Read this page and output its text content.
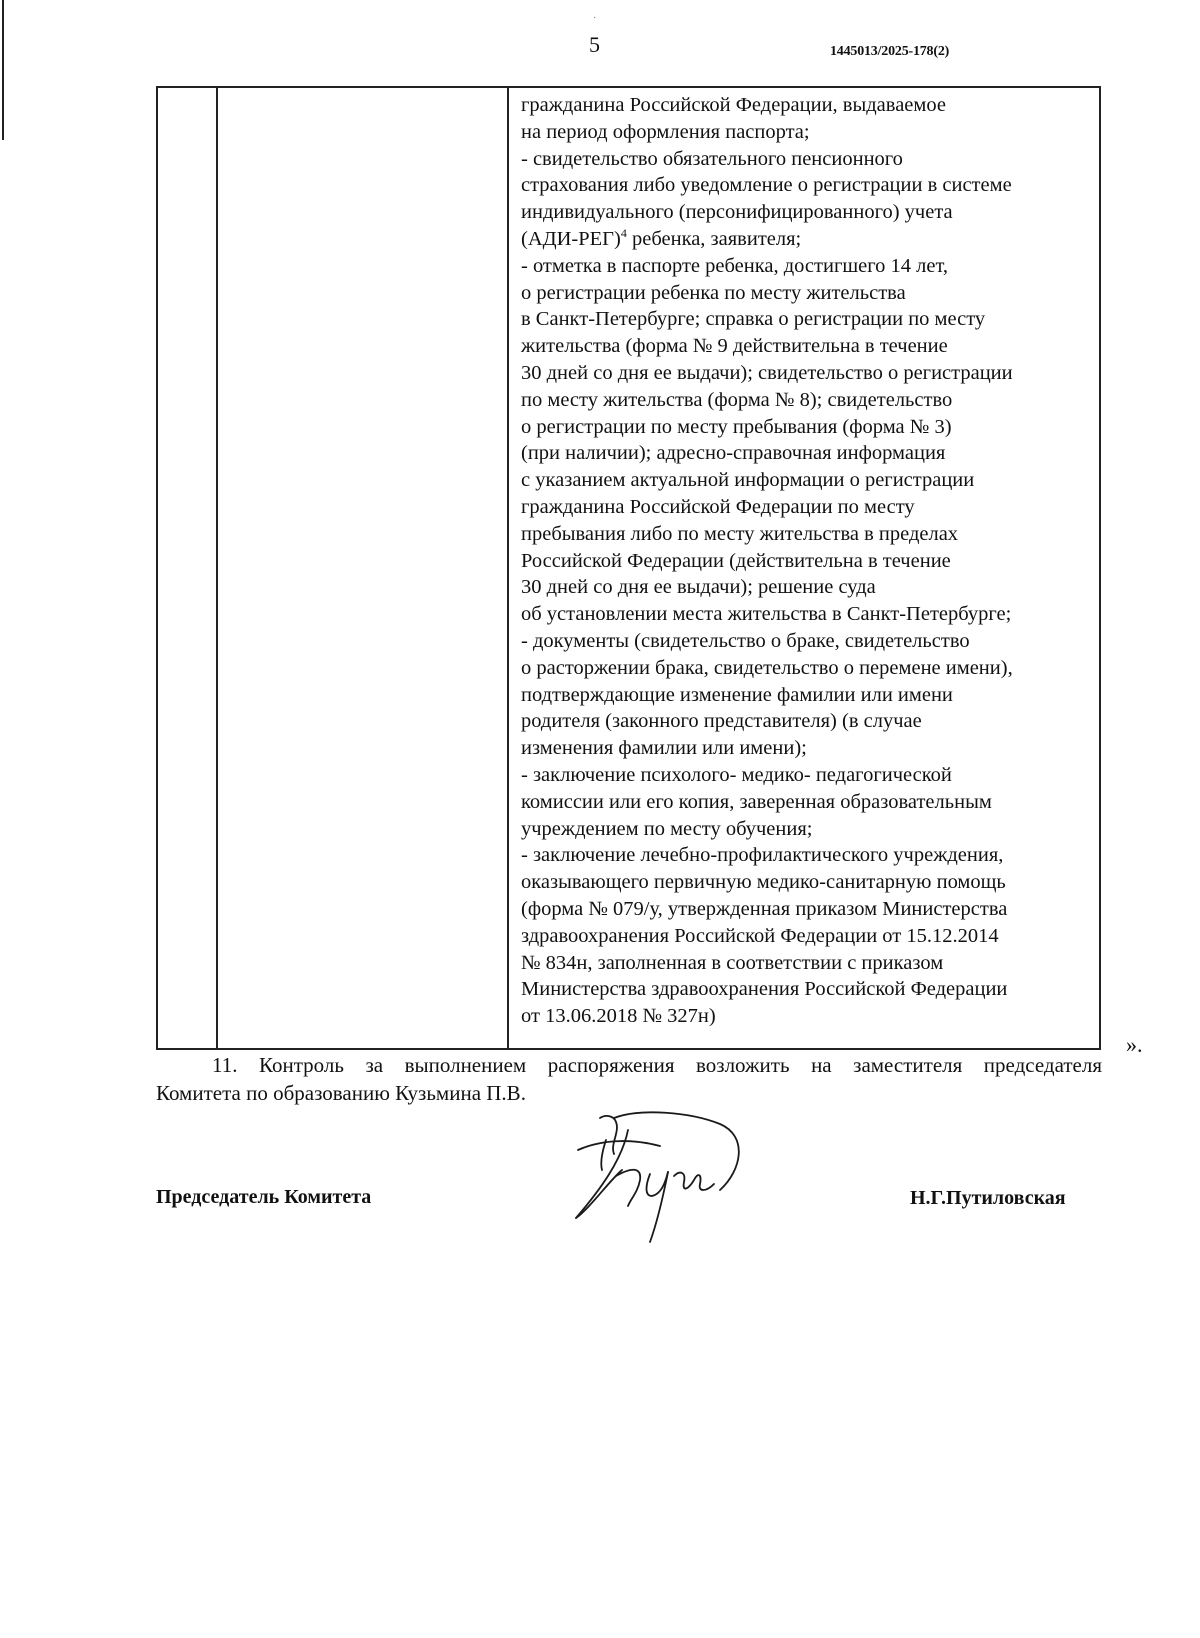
·
5	1445013/2025-178(2)
гражданина Российской Федерации, выдаваемое
на период оформления паспорта;
- свидетельство обязательного пенсионного
страхования либо уведомление о регистрации в системе
индивидуального (персонифицированного) учета
$(АДИ-РЕГ)^4$ ребенка, заявителя;
- отметка в паспорте ребенка, достигшего 14 лет,
о регистрации ребенка по месту жительства
в Санкт-Петербурге; справка о регистрации по месту
жительства (форма № 9 действительна в течение
30 дней со дня ее выдачи); свидетельство о регистрации
по месту жительства (форма № 8); свидетельство
о регистрации по месту пребывания (форма № 3)
(при наличии); адресно-справочная информация
с указанием актуальной информации о регистрации
гражданина Российской Федерации по месту
пребывания либо по месту жительства в пределах
Российской Федерации (действительна в течение
30 дней со дня ее выдачи); решение суда
об установлении места жительства в Санкт-Петербурге;
- документы (свидетельство о браке, свидетельство
о расторжении брака, свидетельство о перемене имени),
подтверждающие изменение фамилии или имени
родителя (законного представителя) (в случае
изменения фамилии или имени);
- заключение психолого- медико- педагогической
комиссии или его копия, заверенная образовательным
учреждением по месту обучения;
- заключение лечебно-профилактического учреждения,
оказывающего первичную медико-санитарную помощь
(форма № 079/у, утвержденная приказом Министерства
здравоохранения Российской Федерации от 15.12.2014
№ 834н, заполненная в соответствии с приказом
Министерства здравоохранения Российской Федерации
от 13.06.2018 № 327н)
».
11. Контроль за выполнением распоряжения возложить на заместителя председателя
Комитета по образованию Кузьмина П.В.
Председатель Комитета	Н.Г.Путиловская
